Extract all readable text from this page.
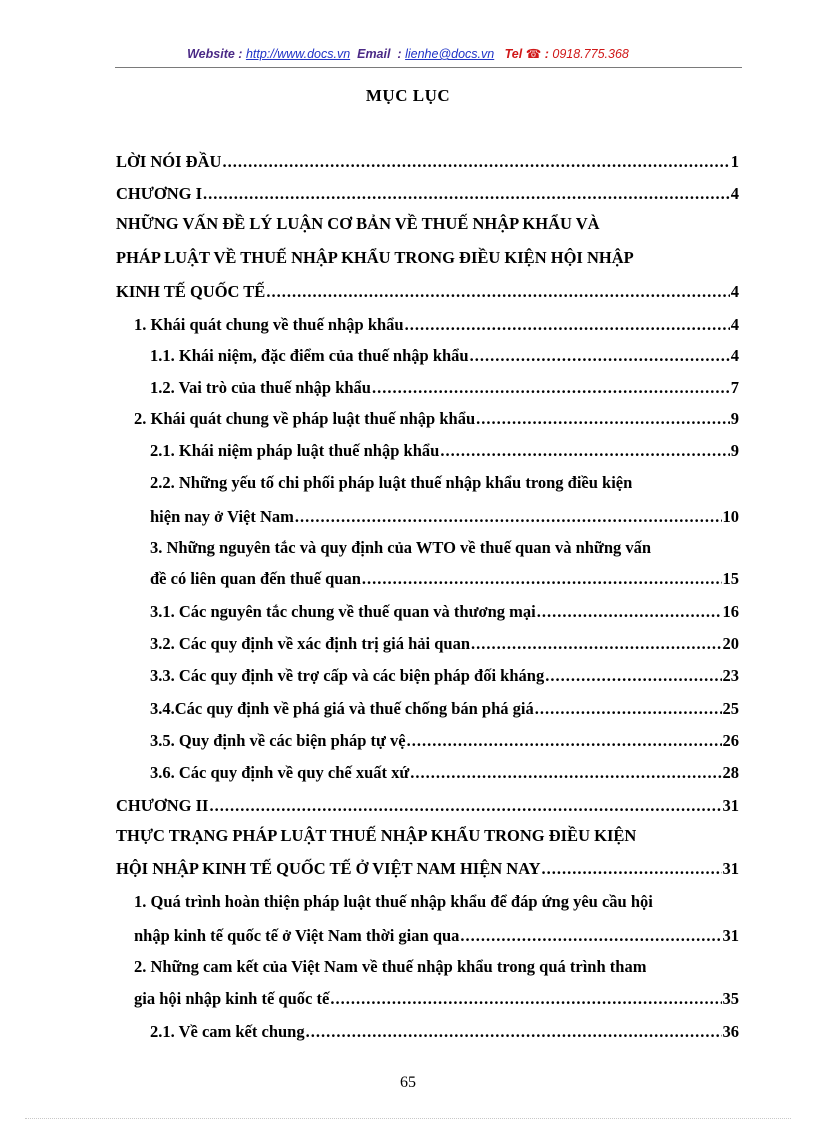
Website : http://www.docs.vn Email : lienhe@docs.vn Tel ☎ : 0918.775.368
MỤC LỤC
LỜI NÓI ĐẦU .....	1
CHƯƠNG I .....	4
NHỮNG VẤN ĐỀ LÝ LUẬN CƠ BẢN VỀ THUẾ NHẬP KHẨU VÀ
PHÁP LUẬT VỀ THUẾ NHẬP KHẨU TRONG ĐIỀU KIỆN HỘI NHẬP
KINH TẾ QUỐC TẾ .....	4
1. Khái quát chung về thuế nhập khẩu .....	4
1.1. Khái niệm, đặc điểm của thuế nhập khẩu .....	4
1.2. Vai trò của thuế nhập khẩu .....	7
2. Khái quát chung về pháp luật thuế nhập khẩu .....	9
2.1. Khái niệm pháp luật thuế nhập khẩu .....	9
2.2. Những yếu tố chi phối pháp luật thuế nhập khẩu trong điều kiện
hiện nay ở Việt Nam .....	10
3. Những nguyên tắc và quy định của WTO về thuế quan và những vấn
đề có liên quan đến thuế quan .....	15
3.1. Các nguyên tắc chung về thuế quan và thương mại .....	16
3.2. Các quy định về xác định trị giá hải quan .....	20
3.3. Các quy định về trợ cấp và các biện pháp đối kháng .....	23
3.4.Các quy định về phá giá và thuế chống bán phá giá .....	25
3.5. Quy định về các biện pháp tự vệ .....	26
3.6. Các quy định về quy chế xuất xứ .....	28
CHƯƠNG II .....	31
THỰC TRẠNG PHÁP LUẬT THUẾ NHẬP KHẨU TRONG ĐIỀU KIỆN
HỘI NHẬP KINH TẾ QUỐC TẾ Ở VIỆT NAM HIỆN NAY .....	31
1. Quá trình hoàn thiện pháp luật thuế nhập khẩu để đáp ứng yêu cầu hội
nhập kinh tế quốc tế ở Việt Nam thời gian qua .....	31
2. Những cam kết của Việt Nam về thuế nhập khẩu trong quá trình tham
gia hội nhập kinh tế quốc tế .....	35
2.1. Về cam kết chung .....	36
65
